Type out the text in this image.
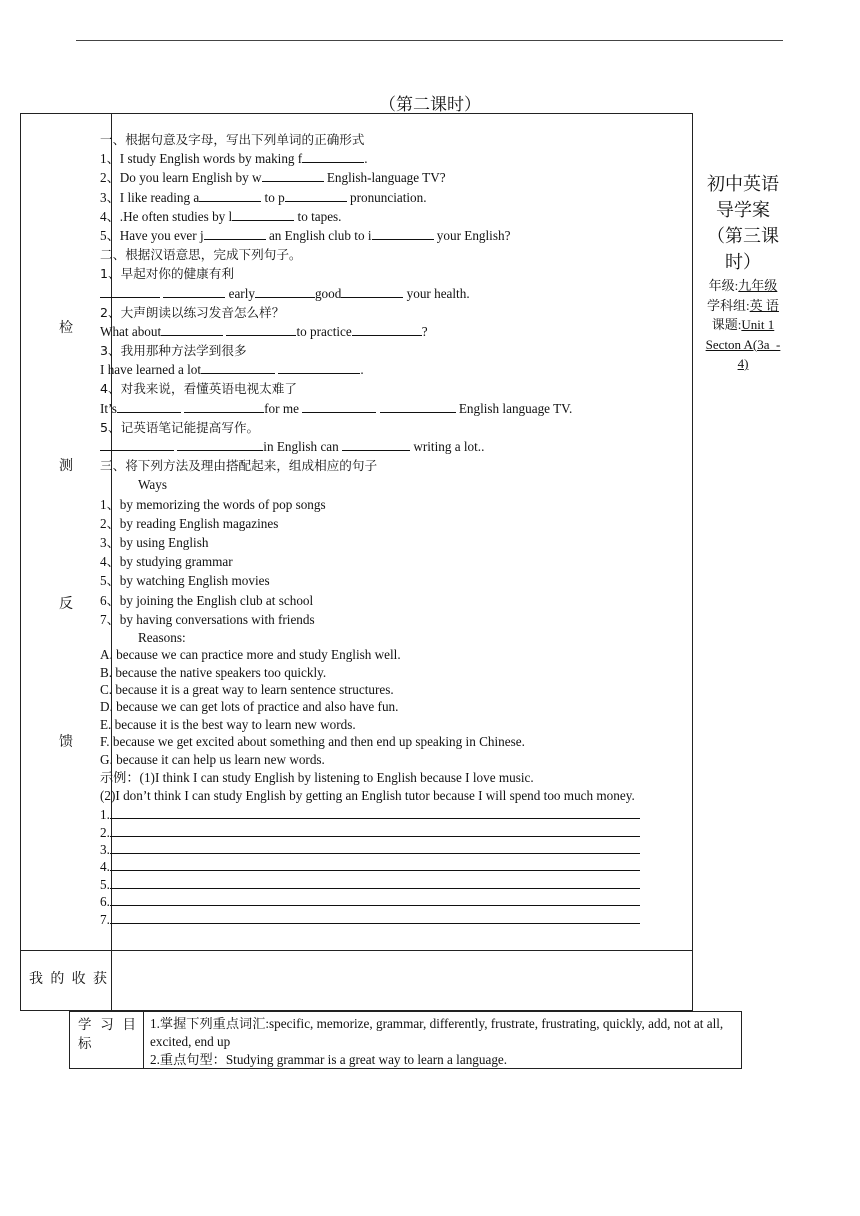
（第二课时）
检
测
反
馈
我 的 收 获
一、根据句意及字母，写出下列单词的正确形式
1、I study English words by making f	.
2、Do you learn English by w	English-language TV?
3、I like reading a	to p	pronunciation.
4、.He often studies by l	to tapes.
5、Have you ever j	an English club to i	your English?
二、根据汉语意思，完成下列句子。
1、早起对你的健康有利
early	good	your health.
2、大声朗读以练习发音怎么样？
What about	to practice	?
3、我用那种方法学到很多
I have learned a lot	.
4、对我来说，看懂英语电视太难了
It’s	for me	English language TV.
5、记英语笔记能提高写作。
in English can	writing a lot..
三、将下列方法及理由搭配起来，组成相应的句子
Ways
1、by memorizing the words of pop songs
2、by reading English magazines
3、by using English
4、by studying grammar
5、by watching English movies
6、by joining the English club at school
7、by having conversations with friends
Reasons:
A. because we can practice more and study English well.
B. because the native speakers too quickly.
C. because it is a great way to learn sentence structures.
D. because we can get lots of practice and also have fun.
E. because it is the best way to learn new words.
F. because we get excited about something and then end up speaking in Chinese.
G. because it can help us learn new words.
示例：(1)I think I can study English by listening to English because I love music.
(2)I don’t think I can study English by getting an English tutor because I will spend too much money.
1.
2.
3.
4.
5.
6.
7.
初中英语导学案（第三课时）
年级:九年级 学科组:英 语 课题:Unit 1 Secton A(3a_- 4)
学 习 目 标
1.掌握下列重点词汇:specific, memorize, grammar, differently, frustrate, frustrating, quickly, add, not at all, excited, end up
2.重点句型：Studying grammar is a great way to learn a language.
